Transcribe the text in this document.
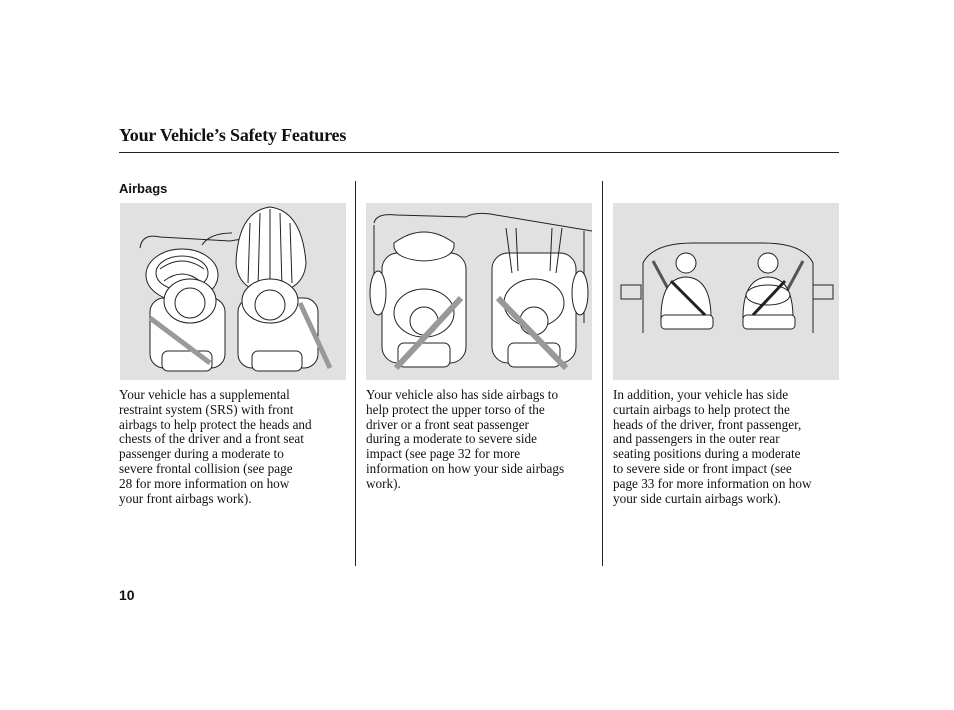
Your Vehicle’s Safety Features
Airbags
Your vehicle has a supplemental
restraint system (SRS) with front
airbags to help protect the heads and
chests of the driver and a front seat
passenger during a moderate to
severe frontal collision (see page
28 for more information on how
your front airbags work).
Your vehicle also has side airbags to
help protect the upper torso of the
driver or a front seat passenger
during a moderate to severe side
impact (see page 32 for more
information on how your side airbags
work).
In addition, your vehicle has side
curtain airbags to help protect the
heads of the driver, front passenger,
and passengers in the outer rear
seating positions during a moderate
to severe side or front impact (see
page 33 for more information on how
your side curtain airbags work).
10
